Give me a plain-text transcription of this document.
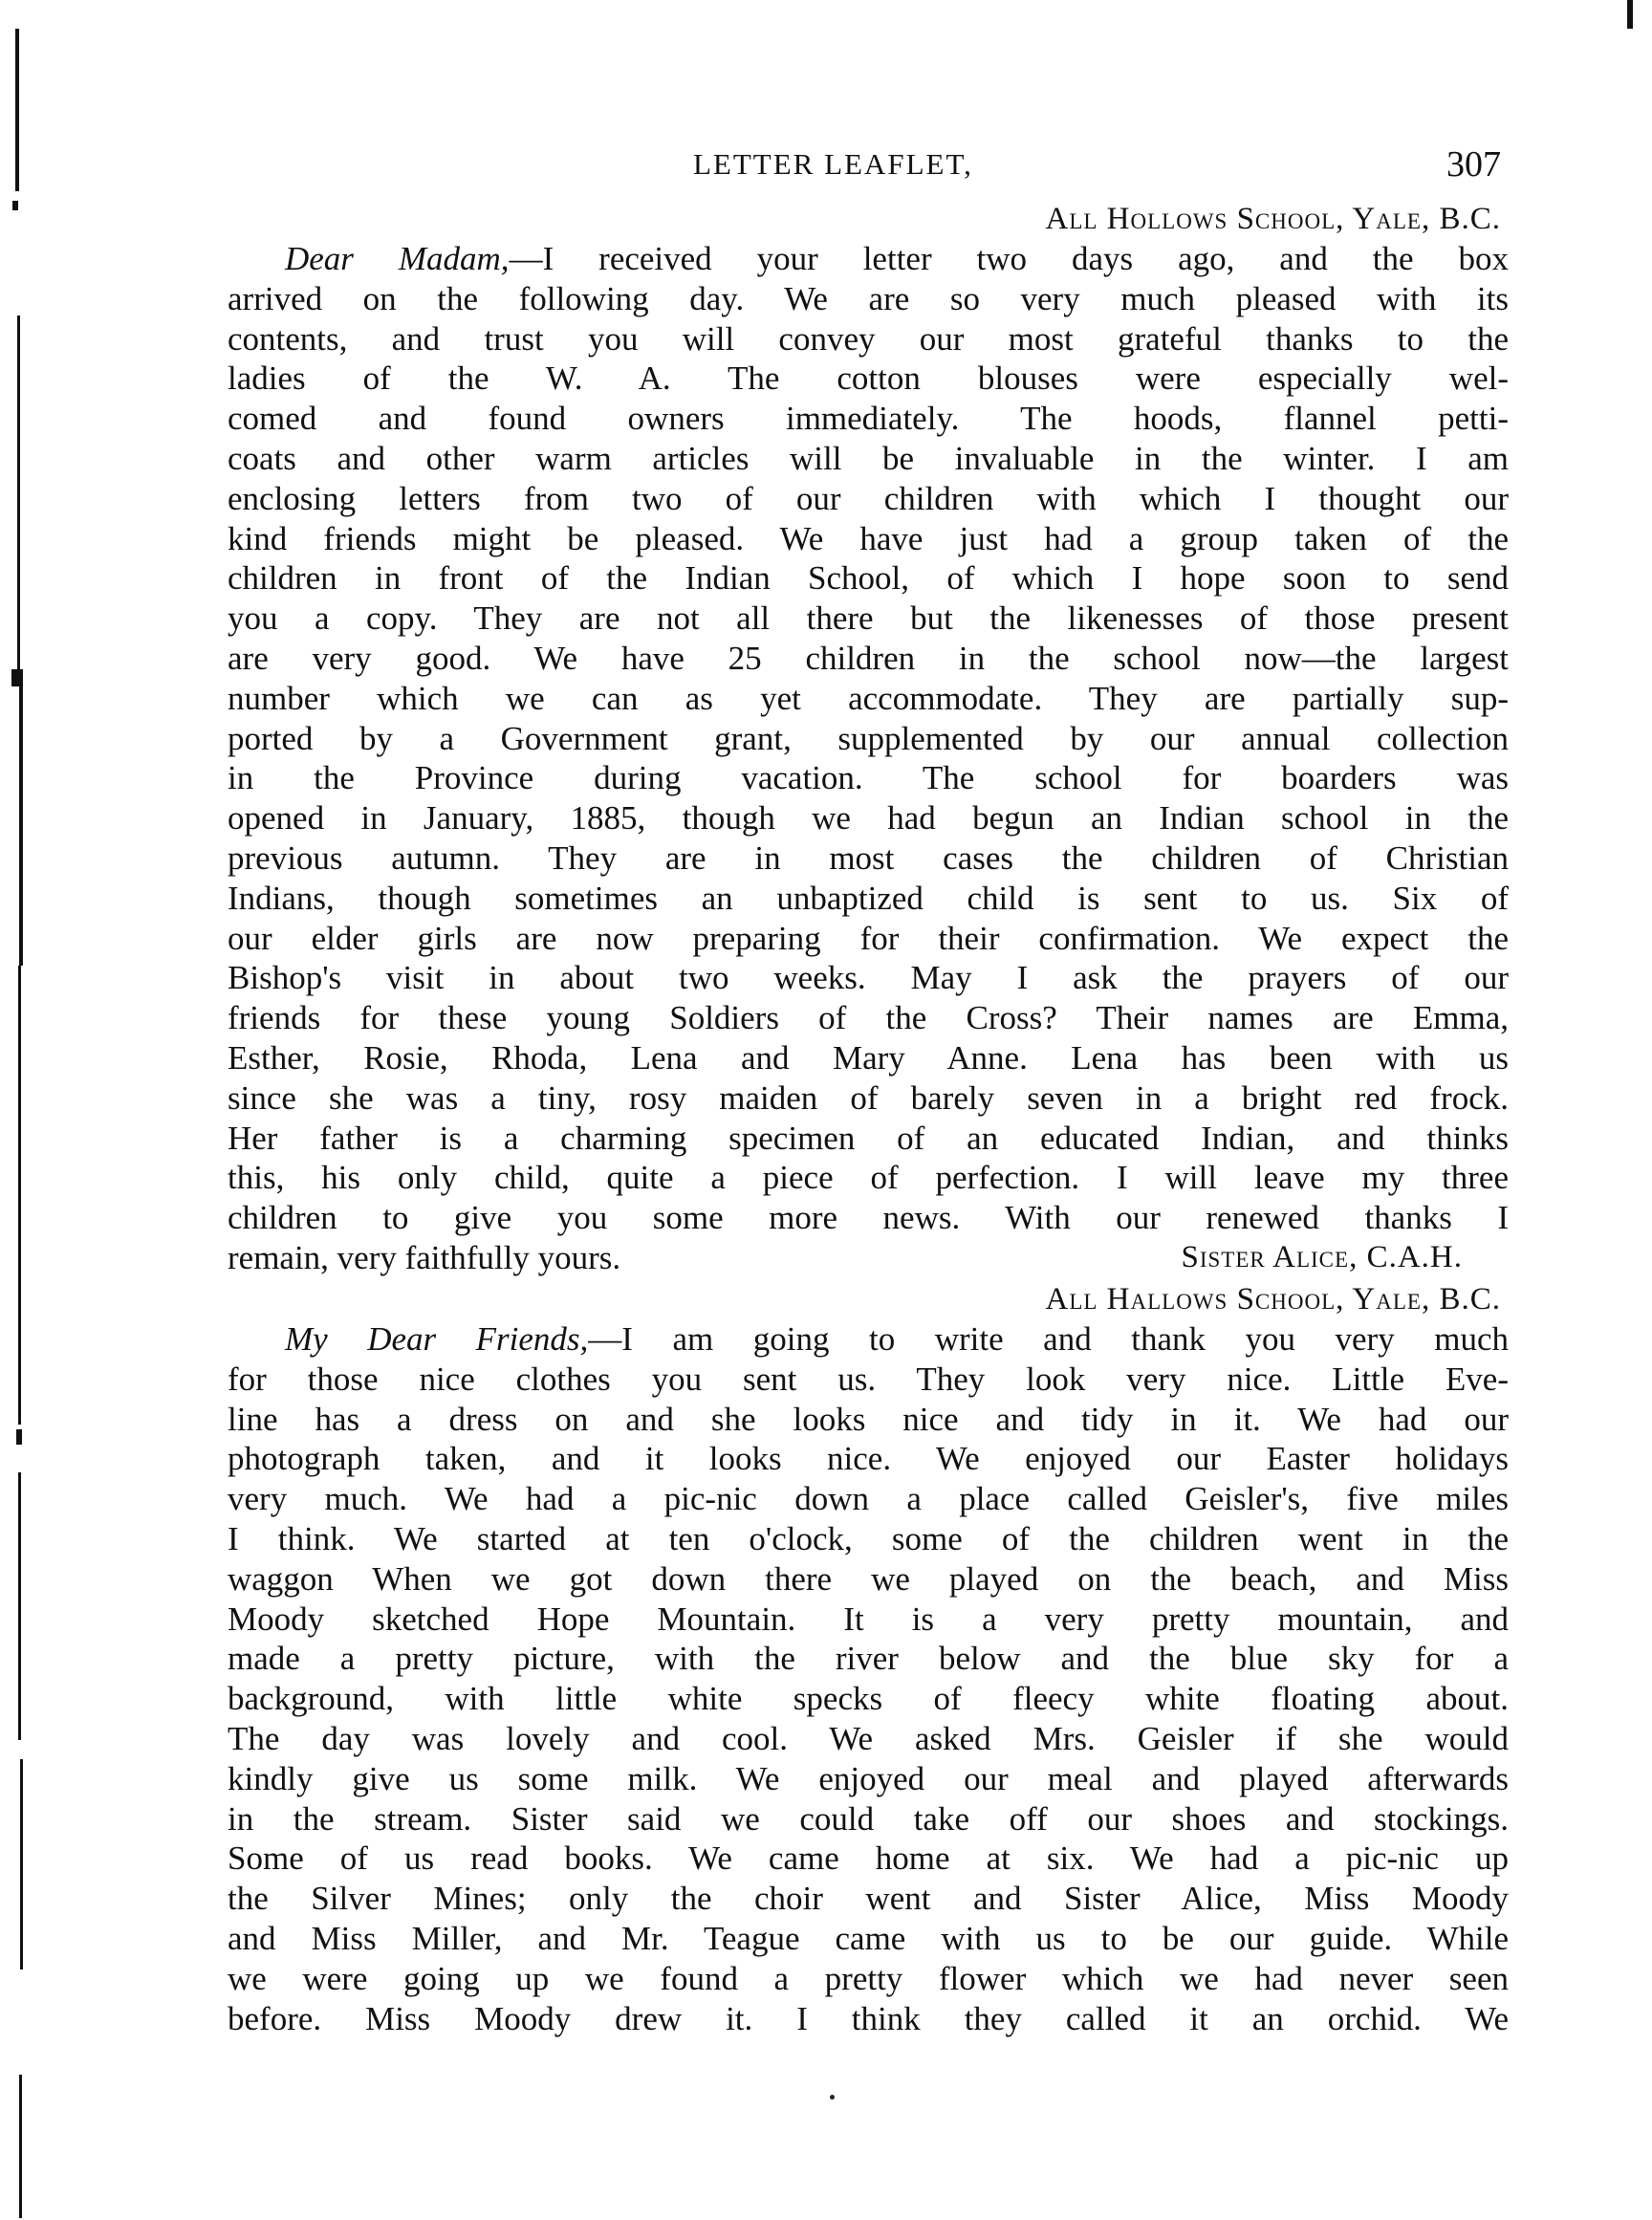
LETTER LEAFLET,	307
All Hollows School, Yale, B.C.
Dear Madam,—I received your letter two days ago, and the box
arrived on the following day. We are so very much pleased with its
contents, and trust you will convey our most grateful thanks to the
ladies of the W. A. The cotton blouses were especially wel-
comed and found owners immediately. The hoods, flannel petti-
coats and other warm articles will be invaluable in the winter. I am
enclosing letters from two of our children with which I thought our
kind friends might be pleased. We have just had a group taken of the
children in front of the Indian School, of which I hope soon to send
you a copy. They are not all there but the likenesses of those present
are very good. We have 25 children in the school now—the largest
number which we can as yet accommodate. They are partially sup-
ported by a Government grant, supplemented by our annual collection
in the Province during vacation. The school for boarders was
opened in January, 1885, though we had begun an Indian school in the
previous autumn. They are in most cases the children of Christian
Indians, though sometimes an unbaptized child is sent to us. Six of
our elder girls are now preparing for their confirmation. We expect the
Bishop's visit in about two weeks. May I ask the prayers of our
friends for these young Soldiers of the Cross? Their names are Emma,
Esther, Rosie, Rhoda, Lena and Mary Anne. Lena has been with us
since she was a tiny, rosy maiden of barely seven in a bright red frock.
Her father is a charming specimen of an educated Indian, and thinks
this, his only child, quite a piece of perfection. I will leave my three
children to give you some more news. With our renewed thanks I
remain, very faithfully yours.	Sister Alice, C.A.H.
All Hallows School, Yale, B.C.
My Dear Friends,—I am going to write and thank you very much
for those nice clothes you sent us. They look very nice. Little Eve-
line has a dress on and she looks nice and tidy in it. We had our
photograph taken, and it looks nice. We enjoyed our Easter holidays
very much. We had a pic-nic down a place called Geisler's, five miles
I think. We started at ten o'clock, some of the children went in the
waggon When we got down there we played on the beach, and Miss
Moody sketched Hope Mountain. It is a very pretty mountain, and
made a pretty picture, with the river below and the blue sky for a
background, with little white specks of fleecy white floating about.
The day was lovely and cool. We asked Mrs. Geisler if she would
kindly give us some milk. We enjoyed our meal and played afterwards
in the stream. Sister said we could take off our shoes and stockings.
Some of us read books. We came home at six. We had a pic-nic up
the Silver Mines; only the choir went and Sister Alice, Miss Moody
and Miss Miller, and Mr. Teague came with us to be our guide. While
we were going up we found a pretty flower which we had never seen
before. Miss Moody drew it. I think they called it an orchid. We
